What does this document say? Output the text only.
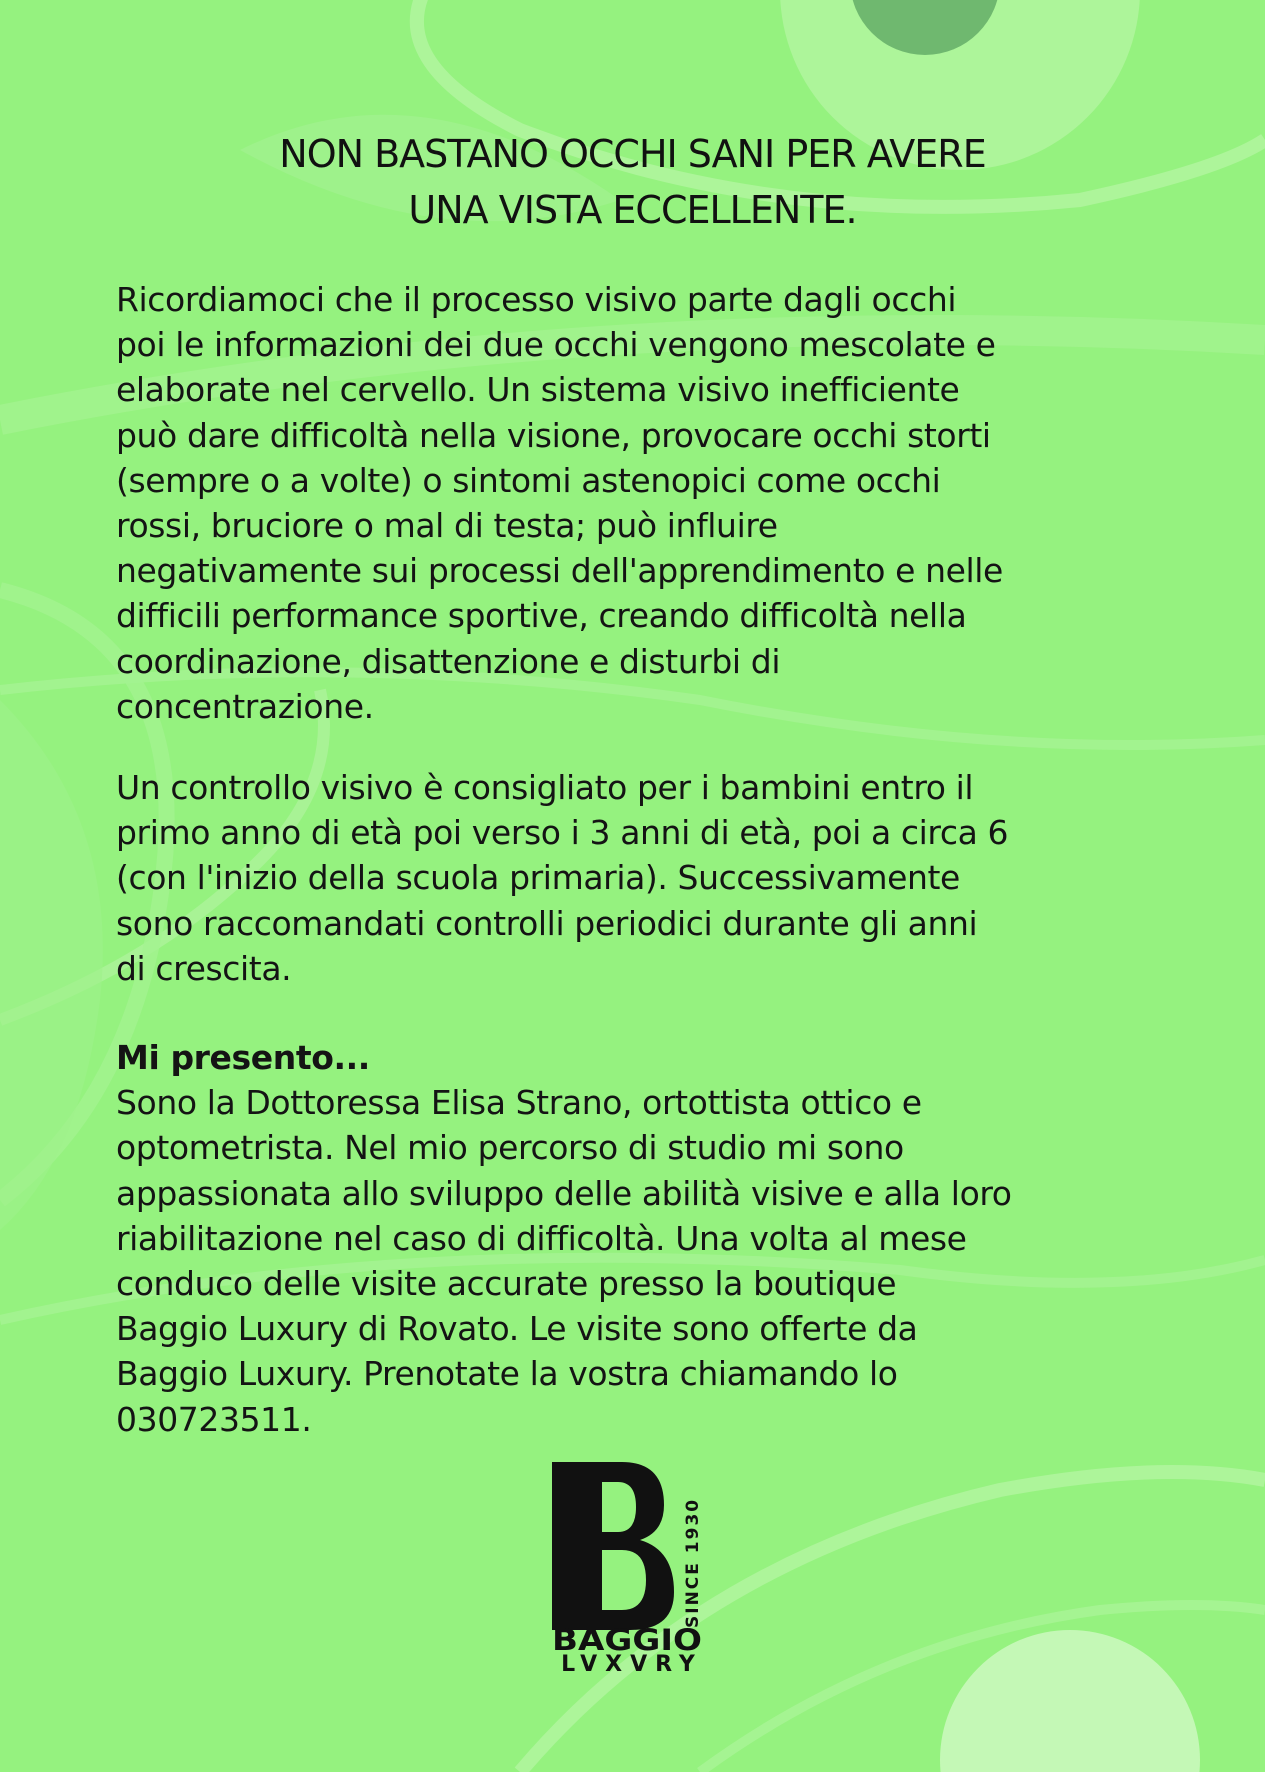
NON BASTANO OCCHI SANI PER AVERE
UNA VISTA ECCELLENTE.
Ricordiamoci che il processo visivo parte dagli occhi
poi le informazioni dei due occhi vengono mescolate e
elaborate nel cervello. Un sistema visivo inefficiente
può dare difficoltà nella visione, provocare occhi storti
(sempre o a volte) o sintomi astenopici come occhi
rossi, bruciore o mal di testa; può influire
negativamente sui processi dell'apprendimento e nelle
difficili performance sportive, creando difficoltà nella
coordinazione, disattenzione e disturbi di
concentrazione.
Un controllo visivo è consigliato per i bambini entro il
primo anno di età poi verso i 3 anni di età, poi a circa 6
(con l'inizio della scuola primaria). Successivamente
sono raccomandati controlli periodici durante gli anni
di crescita.
Mi presento...
Sono la Dottoressa Elisa Strano, ortottista ottico e
optometrista. Nel mio percorso di studio mi sono
appassionata allo sviluppo delle abilità visive e alla loro
riabilitazione nel caso di difficoltà. Una volta al mese
conduco delle visite accurate presso la boutique
Baggio Luxury di Rovato. Le visite sono offerte da
Baggio Luxury. Prenotate la vostra chiamando lo
030723511.
SINCE 1930
BAGGIO
LVXVRY
